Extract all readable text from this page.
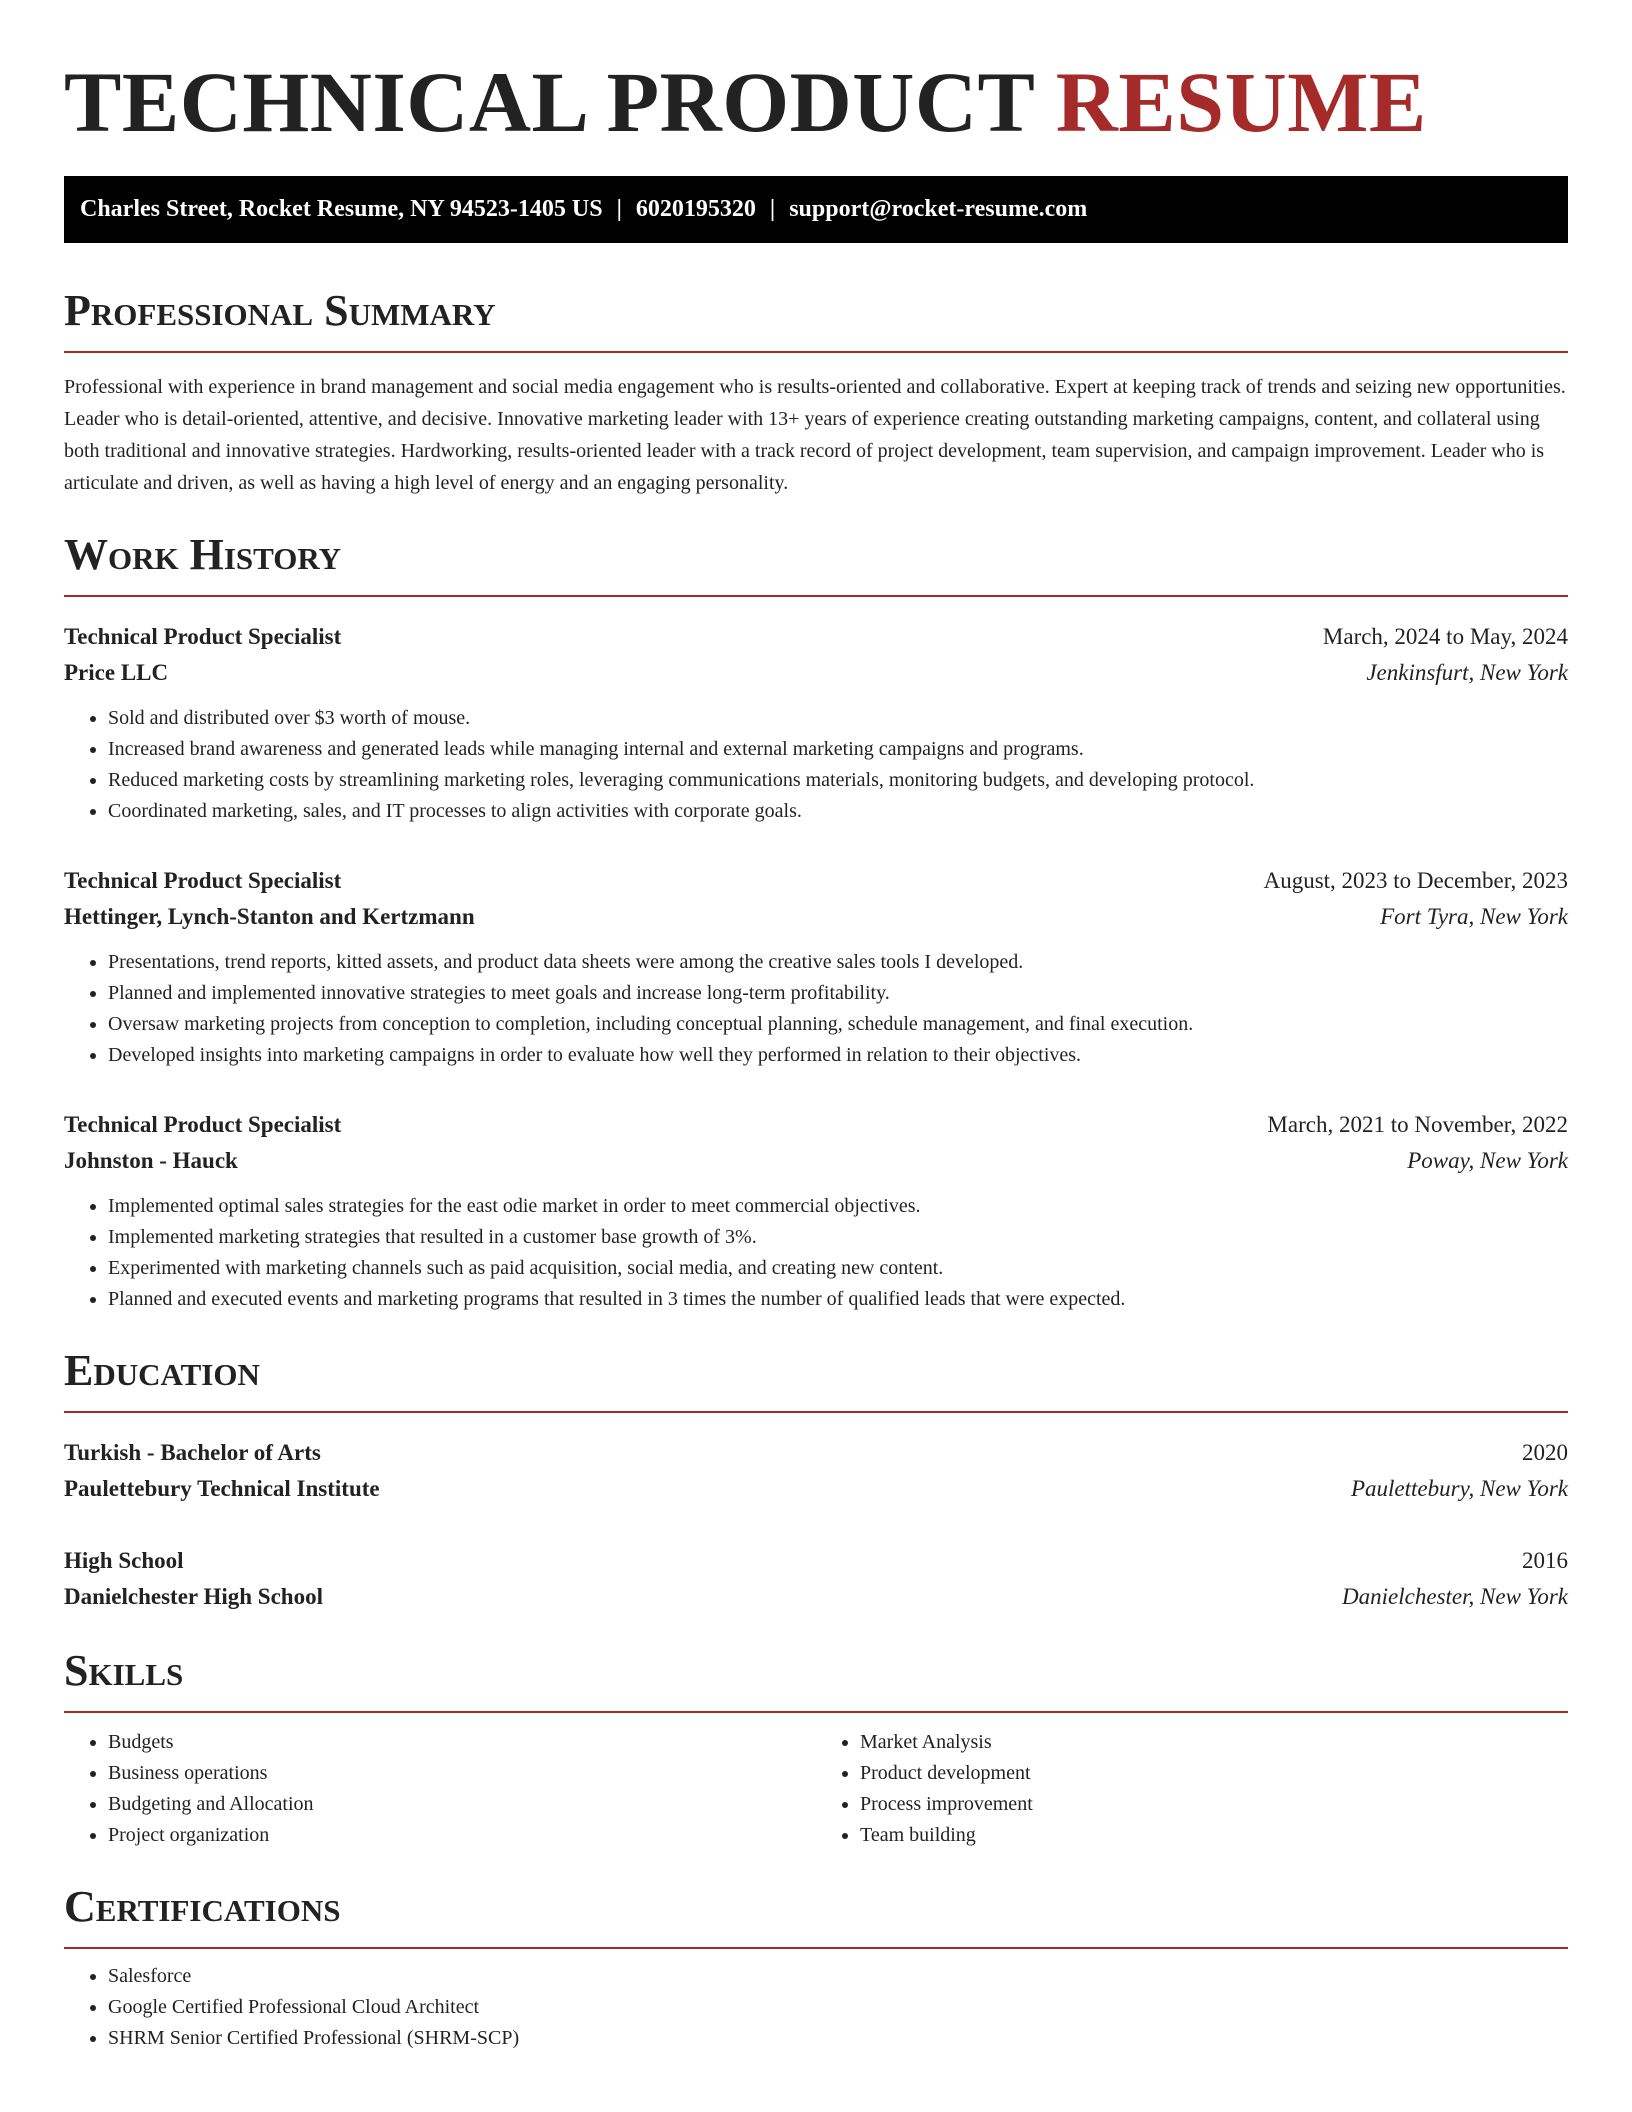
TECHNICAL PRODUCT RESUME
Charles Street, Rocket Resume, NY 94523-1405 US | 6020195320 | support@rocket-resume.com
Professional Summary

Professional with experience in brand management and social media engagement who is results-oriented and collaborative. Expert at keeping track of trends and seizing new opportunities. Leader who is detail-oriented, attentive, and decisive. Innovative marketing leader with 13+ years of experience creating outstanding marketing campaigns, content, and collateral using both traditional and innovative strategies. Hardworking, results-oriented leader with a track record of project development, team supervision, and campaign improvement. Leader who is articulate and driven, as well as having a high level of energy and an engaging personality.

Work History
Technical Product Specialist	March, 2024 to May, 2024
Price LLC	Jenkinsfurt, New York
• Sold and distributed over $3 worth of mouse.
• Increased brand awareness and generated leads while managing internal and external marketing campaigns and programs.
• Reduced marketing costs by streamlining marketing roles, leveraging communications materials, monitoring budgets, and developing protocol.
• Coordinated marketing, sales, and IT processes to align activities with corporate goals.
Technical Product Specialist	August, 2023 to December, 2023
Hettinger, Lynch-Stanton and Kertzmann	Fort Tyra, New York
• Presentations, trend reports, kitted assets, and product data sheets were among the creative sales tools I developed.
• Planned and implemented innovative strategies to meet goals and increase long-term profitability.
• Oversaw marketing projects from conception to completion, including conceptual planning, schedule management, and final execution.
• Developed insights into marketing campaigns in order to evaluate how well they performed in relation to their objectives.
Technical Product Specialist	March, 2021 to November, 2022
Johnston - Hauck	Poway, New York
• Implemented optimal sales strategies for the east odie market in order to meet commercial objectives.
• Implemented marketing strategies that resulted in a customer base growth of 3%.
• Experimented with marketing channels such as paid acquisition, social media, and creating new content.
• Planned and executed events and marketing programs that resulted in 3 times the number of qualified leads that were expected.
Education
Turkish - Bachelor of Arts	2020
Paulettebury Technical Institute	Paulettebury, New York
High School	2016
Danielchester High School	Danielchester, New York
Skills
• Budgets
• Business operations
• Budgeting and Allocation
• Project organization
• Market Analysis
• Product development
• Process improvement
• Team building
Certifications
• Salesforce
• Google Certified Professional Cloud Architect
• SHRM Senior Certified Professional (SHRM-SCP)
